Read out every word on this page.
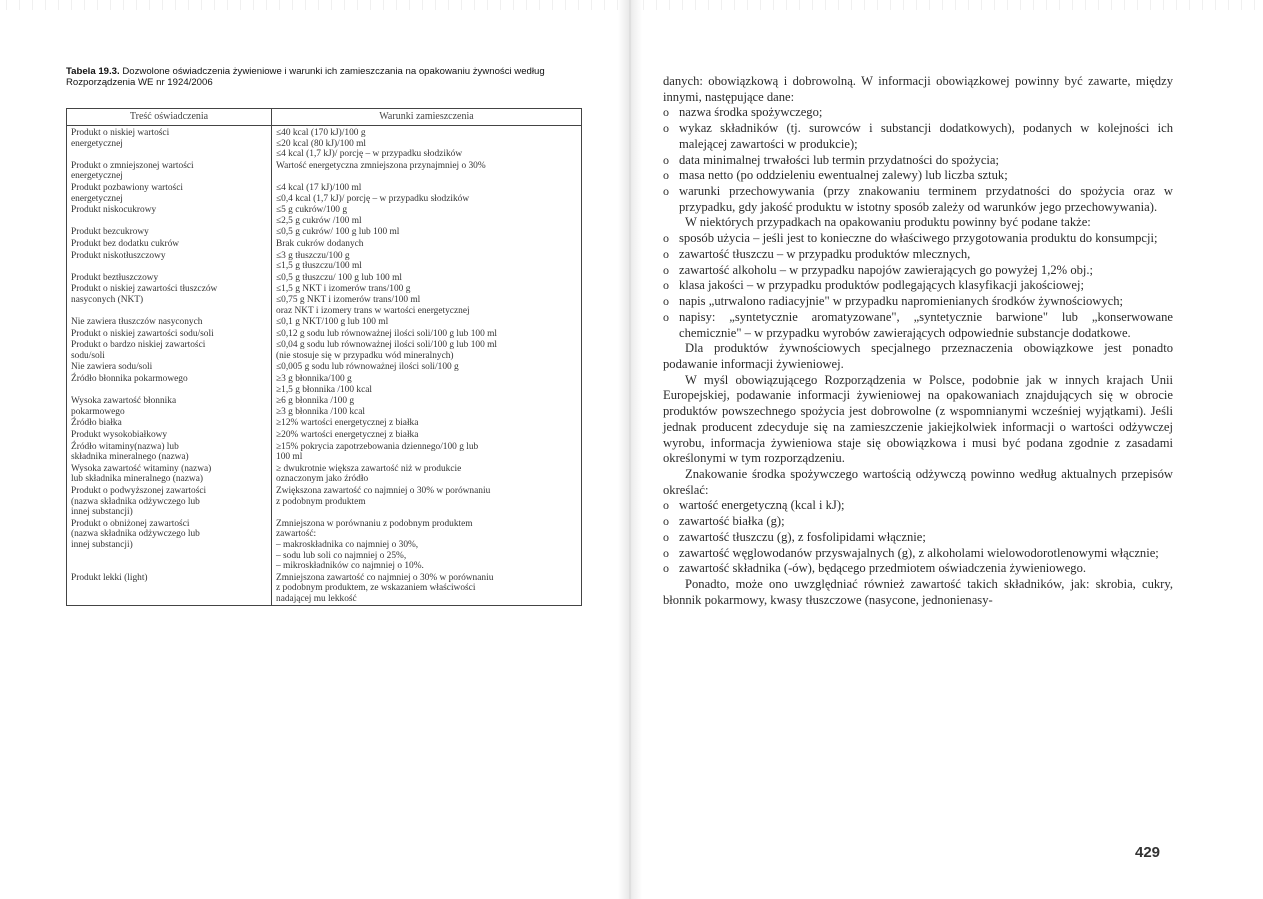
Tabela 19.3. Dozwolone oświadczenia żywieniowe i warunki ich zamieszczania na opakowaniu żywności według Rozporządzenia WE nr 1924/2006
Treść oświadczenia	Warunki zamieszczenia

Produkt o niskiej wartości
energetycznej	≤40 kcal (170 kJ)/100 g
≤20 kcal (80 kJ)/100 ml
≤4 kcal (1,7 kJ)/ porcję – w przypadku słodzików

Produkt o zmniejszonej wartości
energetycznej	Wartość energetyczna zmniejszona przynajmniej o 30%

Produkt pozbawiony wartości
energetycznej	≤4 kcal (17 kJ)/100 ml
≤0,4 kcal (1,7 kJ)/ porcję – w przypadku słodzików

Produkt niskocukrowy	≤5 g cukrów/100 g
≤2,5 g cukrów /100 ml

Produkt bezcukrowy	≤0,5 g cukrów/ 100 g lub 100 ml

Produkt bez dodatku cukrów	Brak cukrów dodanych

Produkt niskotłuszczowy	≤3 g tłuszczu/100 g
≤1,5 g tłuszczu/100 ml

Produkt beztłuszczowy	≤0,5 g tłuszczu/ 100 g lub 100 ml

Produkt o niskiej zawartości tłuszczów
nasyconych (NKT)	≤1,5 g NKT i izomerów trans/100 g
≤0,75 g NKT i izomerów trans/100 ml
oraz NKT i izomery trans w wartości energetycznej

Nie zawiera tłuszczów nasyconych	≤0,1 g NKT/100 g lub 100 ml

Produkt o niskiej zawartości sodu/soli	≤0,12 g sodu lub równoważnej ilości soli/100 g lub 100 ml

Produkt o bardzo niskiej zawartości
sodu/soli	≤0,04 g sodu lub równoważnej ilości soli/100 g lub 100 ml
(nie stosuje się w przypadku wód mineralnych)

Nie zawiera sodu/soli	≤0,005 g sodu lub równoważnej ilości soli/100 g

Źródło błonnika pokarmowego	≥3 g błonnika/100 g
≥1,5 g błonnika /100 kcal

Wysoka zawartość błonnika
pokarmowego	≥6 g błonnika /100 g
≥3 g błonnika /100 kcal

Źródło białka	≥12% wartości energetycznej z białka

Produkt wysokobiałkowy	≥20% wartości energetycznej z białka

Źródło witaminy(nazwa) lub
składnika mineralnego (nazwa)	≥15% pokrycia zapotrzebowania dziennego/100 g lub
100 ml

Wysoka zawartość witaminy (nazwa)
lub składnika mineralnego (nazwa)	≥ dwukrotnie większa zawartość niż w produkcie
oznaczonym jako źródło

Produkt o podwyższonej zawartości
(nazwa składnika odżywczego lub
innej substancji)	Zwiększona zawartość co najmniej o 30% w porównaniu
z podobnym produktem

Produkt o obniżonej zawartości
(nazwa składnika odżywczego lub
innej substancji)	Zmniejszona w porównaniu z podobnym produktem
zawartość:
– makroskładnika co najmniej o 30%,
– sodu lub soli co najmniej o 25%,
– mikroskładników co najmniej o 10%.

Produkt lekki (light)	Zmniejszona zawartość co najmniej o 30% w porównaniu
z podobnym produktem, ze wskazaniem właściwości
nadającej mu lekkość

danych: obowiązkową i dobrowolną. W informacji obowiązkowej powinny być zawarte, między innymi, następujące dane:

o nazwa środka spożywczego;
o wykaz składników (tj. surowców i substancji dodatkowych), podanych w kolejności ich malejącej zawartości w produkcie);
o data minimalnej trwałości lub termin przydatności do spożycia;
o masa netto (po oddzieleniu ewentualnej zalewy) lub liczba sztuk;
o warunki przechowywania (przy znakowaniu terminem przydatności do spożycia oraz w przypadku, gdy jakość produktu w istotny sposób zależy od warunków jego przechowywania).

W niektórych przypadkach na opakowaniu produktu powinny być podane także:

o sposób użycia – jeśli jest to konieczne do właściwego przygotowania produktu do konsumpcji;
o zawartość tłuszczu – w przypadku produktów mlecznych,
o zawartość alkoholu – w przypadku napojów zawierających go powyżej 1,2% obj.;
o klasa jakości – w przypadku produktów podlegających klasyfikacji jakościowej;
o napis „utrwalono radiacyjnie" w przypadku napromienianych środków żywnościowych;
o napisy: „syntetycznie aromatyzowane", „syntetycznie barwione" lub „konserwowane chemicznie" – w przypadku wyrobów zawierających odpowiednie substancje dodatkowe.

Dla produktów żywnościowych specjalnego przeznaczenia obowiązkowe jest ponadto podawanie informacji żywieniowej.

W myśl obowiązującego Rozporządzenia w Polsce, podobnie jak w innych krajach Unii Europejskiej, podawanie informacji żywieniowej na opakowaniach znajdujących się w obrocie produktów powszechnego spożycia jest dobrowolne (z wspomnianymi wcześniej wyjątkami). Jeśli jednak producent zdecyduje się na zamieszczenie jakiejkolwiek informacji o wartości odżywczej wyrobu, informacja żywieniowa staje się obowiązkowa i musi być podana zgodnie z zasadami określonymi w tym rozporządzeniu.

Znakowanie środka spożywczego wartością odżywczą powinno według aktualnych przepisów określać:

o wartość energetyczną (kcal i kJ);
o zawartość białka (g);
o zawartość tłuszczu (g), z fosfolipidami włącznie;
o zawartość węglowodanów przyswajalnych (g), z alkoholami wielowodorotlenowymi włącznie;
o zawartość składnika (-ów), będącego przedmiotem oświadczenia żywieniowego.

Ponadto, może ono uwzględniać również zawartość takich składników, jak: skrobia, cukry, błonnik pokarmowy, kwasy tłuszczowe (nasycone, jednonienasy-

429
